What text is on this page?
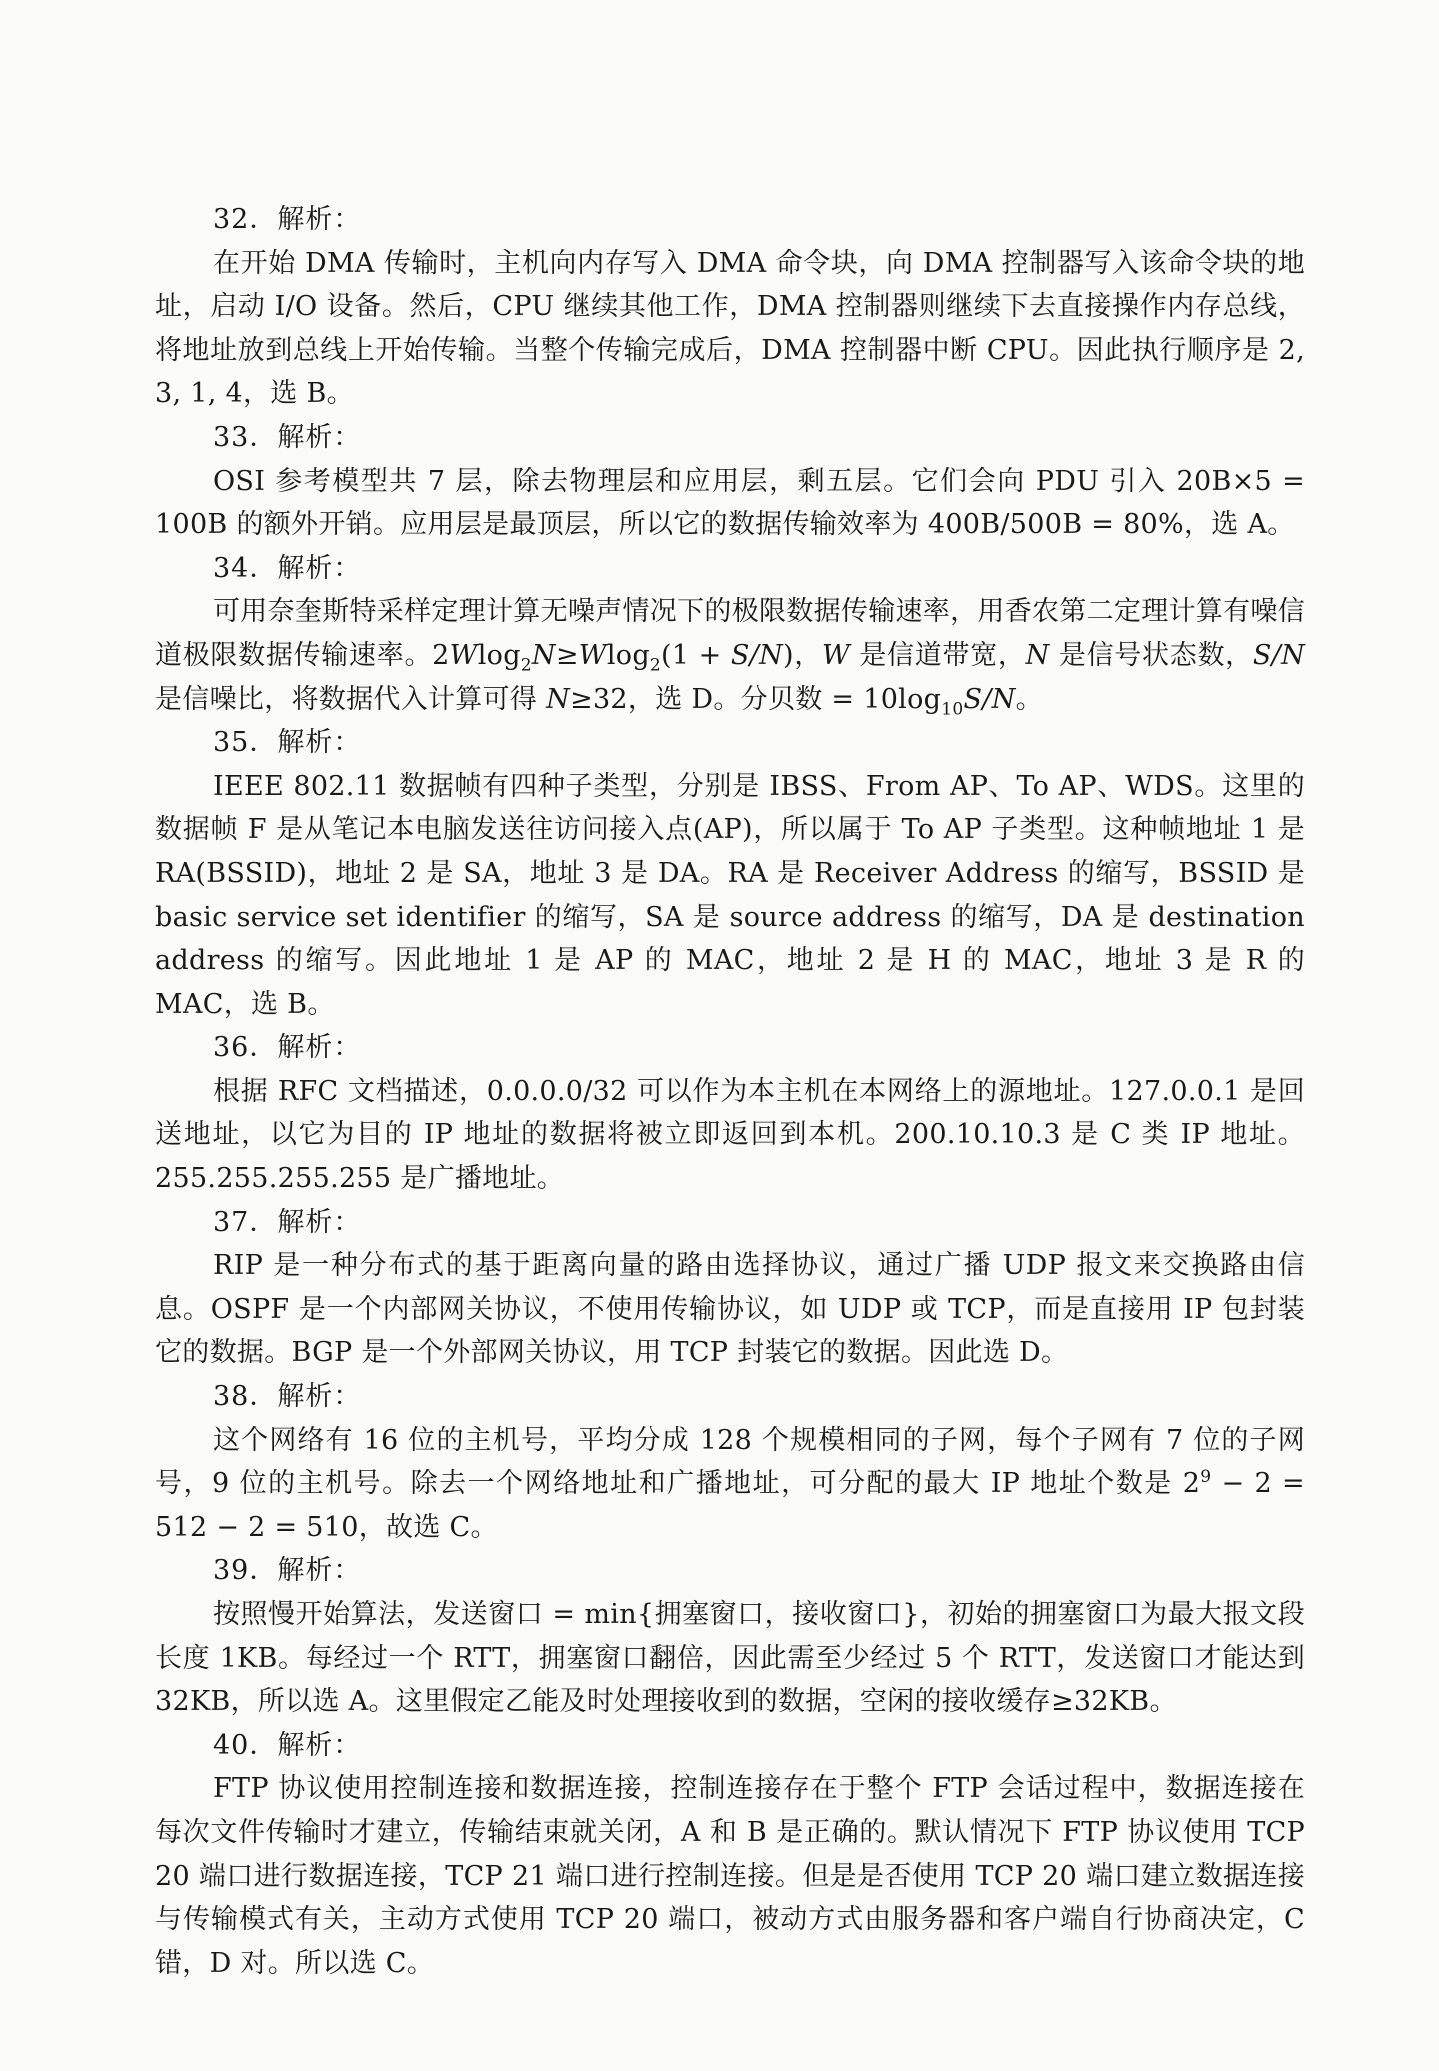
32．解析：
在开始 DMA 传输时，主机向内存写入 DMA 命令块，向 DMA 控制器写入该命令块的地址，启动 I/O 设备。然后，CPU 继续其他工作，DMA 控制器则继续下去直接操作内存总线，将地址放到总线上开始传输。当整个传输完成后，DMA 控制器中断 CPU。因此执行顺序是 2, 3, 1, 4，选 B。
33．解析：
OSI 参考模型共 7 层，除去物理层和应用层，剩五层。它们会向 PDU 引入 20B×5 = 100B 的额外开销。应用层是最顶层，所以它的数据传输效率为 400B/500B = 80%，选 A。
34．解析：
可用奈奎斯特采样定理计算无噪声情况下的极限数据传输速率，用香农第二定理计算有噪信道极限数据传输速率。2Wlog$_2$N≥Wlog$_2$(1 + S/N)，W 是信道带宽，N 是信号状态数，S/N 是信噪比，将数据代入计算可得 N≥32，选 D。分贝数 = $10\log_{10}S/N$。
35．解析：
IEEE 802.11 数据帧有四种子类型，分别是 IBSS、From AP、To AP、WDS。这里的数据帧 F 是从笔记本电脑发送往访问接入点(AP)，所以属于 To AP 子类型。这种帧地址 1 是 RA(BSSID)，地址 2 是 SA，地址 3 是 DA。RA 是 Receiver Address 的缩写，BSSID 是 basic service set identifier 的缩写，SA 是 source address 的缩写，DA 是 destination address 的缩写。因此地址 1 是 AP 的 MAC，地址 2 是 H 的 MAC，地址 3 是 R 的 MAC，选 B。
36．解析：
根据 RFC 文档描述，0.0.0.0/32 可以作为本主机在本网络上的源地址。127.0.0.1 是回送地址，以它为目的 IP 地址的数据将被立即返回到本机。200.10.10.3 是 C 类 IP 地址。255.255.255.255 是广播地址。
37．解析：
RIP 是一种分布式的基于距离向量的路由选择协议，通过广播 UDP 报文来交换路由信息。OSPF 是一个内部网关协议，不使用传输协议，如 UDP 或 TCP，而是直接用 IP 包封装它的数据。BGP 是一个外部网关协议，用 TCP 封装它的数据。因此选 D。
38．解析：
这个网络有 16 位的主机号，平均分成 128 个规模相同的子网，每个子网有 7 位的子网号，9 位的主机号。除去一个网络地址和广播地址，可分配的最大 IP 地址个数是 $2^9 - 2 = 512 - 2 = 510$，故选 C。
39．解析：
按照慢开始算法，发送窗口 = min{拥塞窗口，接收窗口}，初始的拥塞窗口为最大报文段长度 1KB。每经过一个 RTT，拥塞窗口翻倍，因此需至少经过 5 个 RTT，发送窗口才能达到 32KB，所以选 A。这里假定乙能及时处理接收到的数据，空闲的接收缓存≥32KB。
40．解析：
FTP 协议使用控制连接和数据连接，控制连接存在于整个 FTP 会话过程中，数据连接在每次文件传输时才建立，传输结束就关闭，A 和 B 是正确的。默认情况下 FTP 协议使用 TCP 20 端口进行数据连接，TCP 21 端口进行控制连接。但是是否使用 TCP 20 端口建立数据连接与传输模式有关，主动方式使用 TCP 20 端口，被动方式由服务器和客户端自行协商决定，C 错，D 对。所以选 C。
